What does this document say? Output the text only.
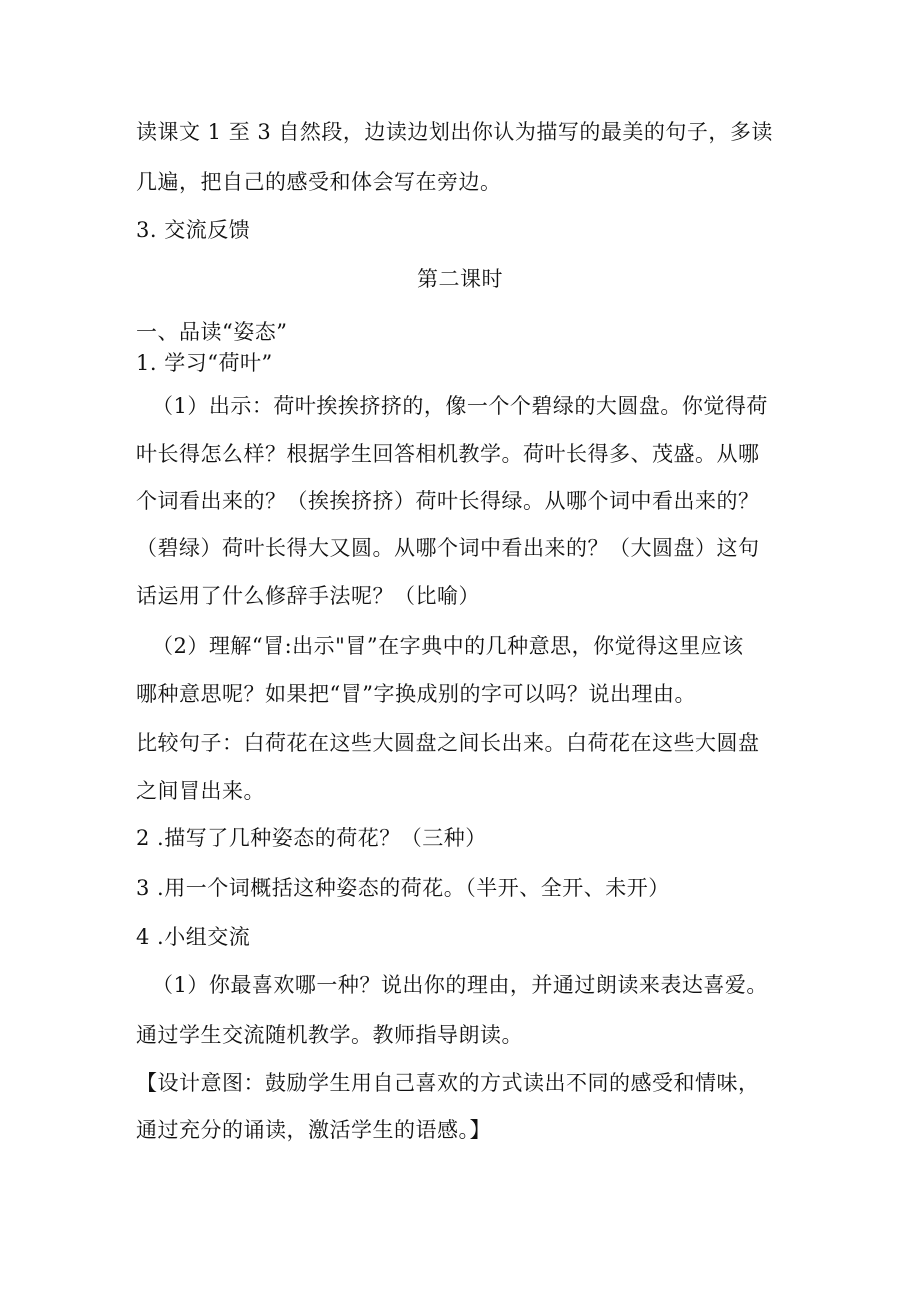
读课文 1 至 3 自然段，边读边划出你认为描写的最美的句子，多读
几遍，把自己的感受和体会写在旁边。
3. 交流反馈
第二课时
一、品读“姿态”
1. 学习“荷叶”
（1）出示：荷叶挨挨挤挤的，像一个个碧绿的大圆盘。你觉得荷
叶长得怎么样？根据学生回答相机教学。荷叶长得多、茂盛。从哪
个词看出来的？（挨挨挤挤）荷叶长得绿。从哪个词中看出来的？
（碧绿）荷叶长得大又圆。从哪个词中看出来的？（大圆盘）这句
话运用了什么修辞手法呢？（比喻）
（2）理解“冒:出示"冒”在字典中的几种意思，你觉得这里应该
哪种意思呢？如果把“冒”字换成别的字可以吗？说出理由。
比较句子：白荷花在这些大圆盘之间长出来。白荷花在这些大圆盘
之间冒出来。
2 .描写了几种姿态的荷花？（三种）
3 .用一个词概括这种姿态的荷花。（半开、全开、未开）
4 .小组交流
（1）你最喜欢哪一种？说出你的理由，并通过朗读来表达喜爱。
通过学生交流随机教学。教师指导朗读。
【设计意图：鼓励学生用自己喜欢的方式读出不同的感受和情味，
通过充分的诵读，激活学生的语感。】
